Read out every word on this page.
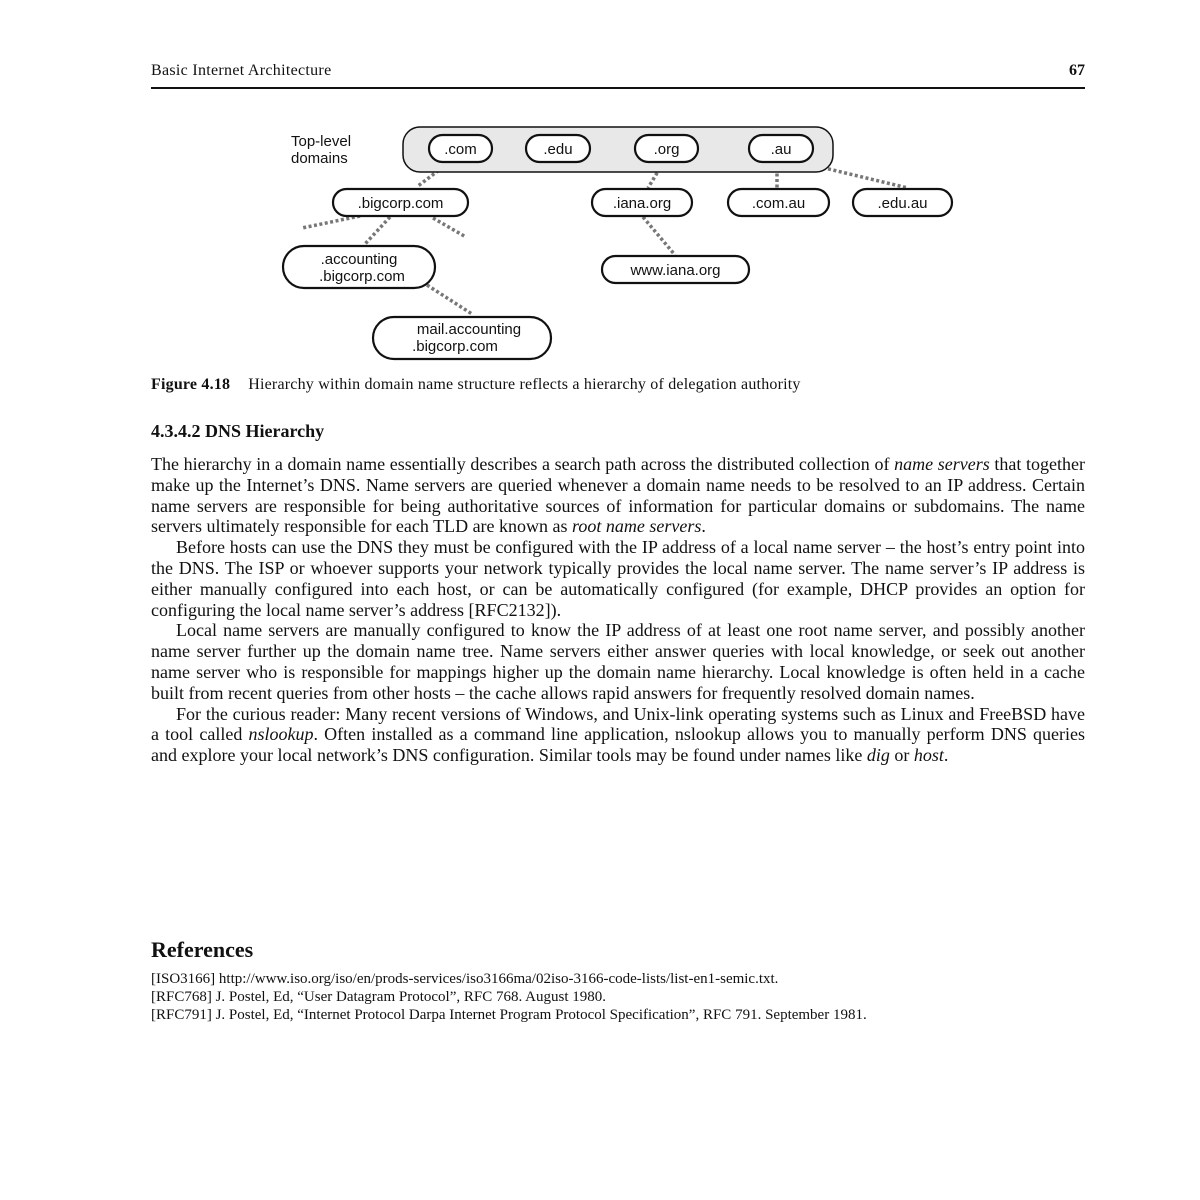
Basic Internet Architecture	67
Top-level
domains
.com	.edu	.org	.au
.bigcorp.com	.iana.org	.com.au	.edu.au
.accounting
.bigcorp.com	www.iana.org
mail.accounting
.bigcorp.com
Figure 4.18 Hierarchy within domain name structure reflects a hierarchy of delegation authority
4.3.4.2 DNS Hierarchy

The hierarchy in a domain name essentially describes a search path across the distributed collection of name servers that together make up the Internet’s DNS. Name servers are queried whenever a domain name needs to be resolved to an IP address. Certain name servers are responsible for being authoritative sources of information for particular domains or subdomains. The name servers ultimately responsible for each TLD are known as root name servers.

Before hosts can use the DNS they must be configured with the IP address of a local name server – the host’s entry point into the DNS. The ISP or whoever supports your network typically provides the local name server. The name server’s IP address is either manually configured into each host, or can be automatically configured (for example, DHCP provides an option for configuring the local name server’s address [RFC2132]).

Local name servers are manually configured to know the IP address of at least one root name server, and possibly another name server further up the domain name tree. Name servers either answer queries with local knowledge, or seek out another name server who is responsible for mappings higher up the domain name hierarchy. Local knowledge is often held in a cache built from recent queries from other hosts – the cache allows rapid answers for frequently resolved domain names.

For the curious reader: Many recent versions of Windows, and Unix-link operating systems such as Linux and FreeBSD have a tool called nslookup. Often installed as a command line application, nslookup allows you to manually perform DNS queries and explore your local network’s DNS configuration. Similar tools may be found under names like dig or host.

References
[ISO3166] http://www.iso.org/iso/en/prods-services/iso3166ma/02iso-3166-code-lists/list-en1-semic.txt.
[RFC768] J. Postel, Ed, “User Datagram Protocol”, RFC 768. August 1980.
[RFC791] J. Postel, Ed, “Internet Protocol Darpa Internet Program Protocol Specification”, RFC 791. September 1981.
